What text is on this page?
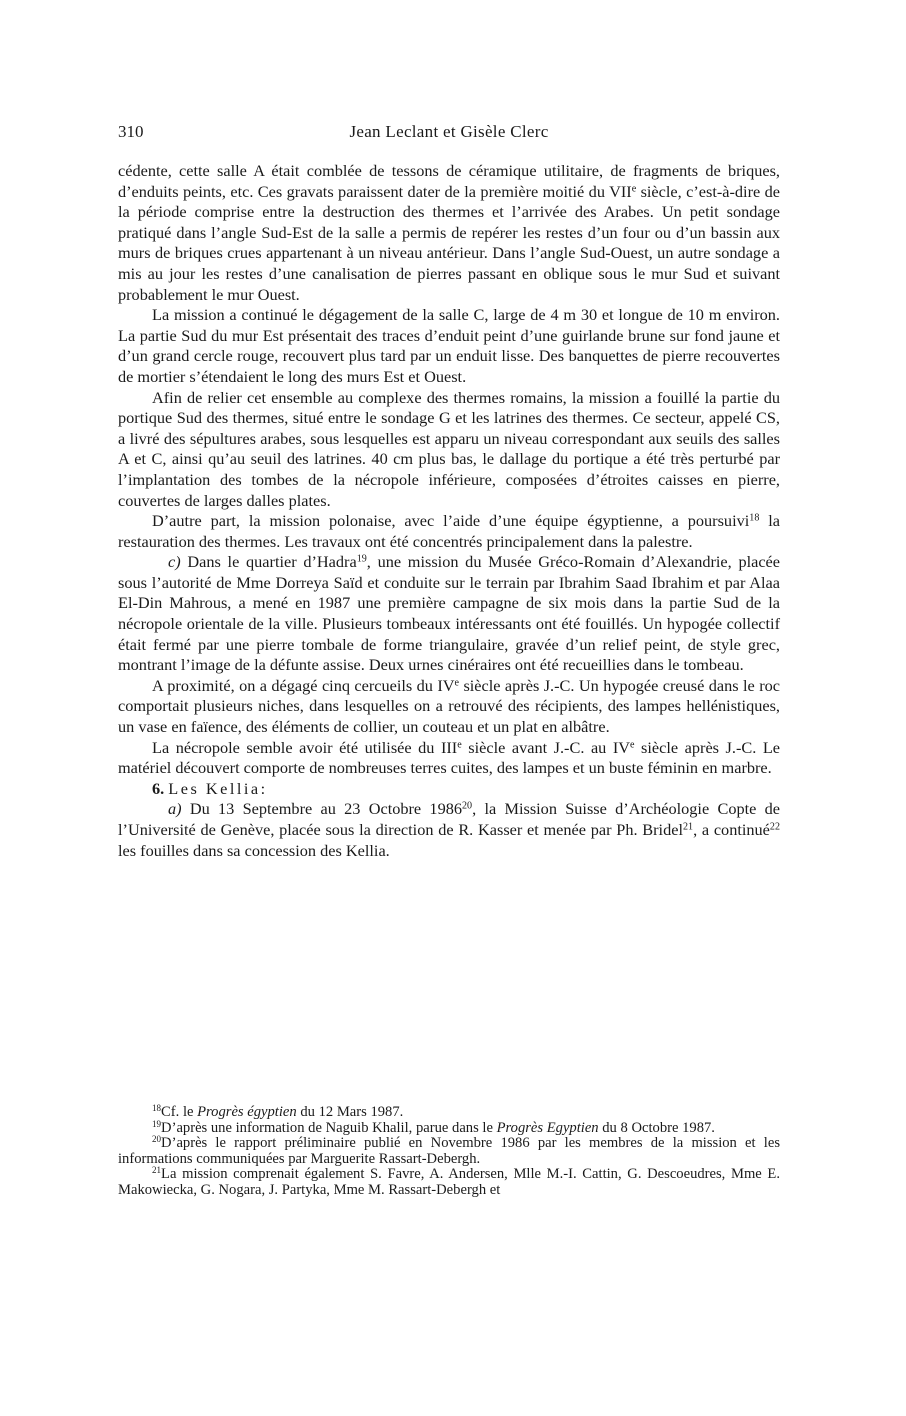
310	Jean Leclant et Gisèle Clerc

cédente, cette salle A était comblée de tessons de céramique utilitaire, de fragments de briques, d’enduits peints, etc. Ces gravats paraissent dater de la première moitié du VIIe siècle, c’est-à-dire de la période comprise entre la destruction des thermes et l’arrivée des Arabes. Un petit sondage pratiqué dans l’angle Sud-Est de la salle a permis de repérer les restes d’un four ou d’un bassin aux murs de briques crues appartenant à un niveau antérieur. Dans l’angle Sud-Ouest, un autre sondage a mis au jour les restes d’une canalisation de pierres passant en oblique sous le mur Sud et suivant probablement le mur Ouest.

La mission a continué le dégagement de la salle C, large de 4 m 30 et longue de 10 m environ. La partie Sud du mur Est présentait des traces d’enduit peint d’une guirlande brune sur fond jaune et d’un grand cercle rouge, recouvert plus tard par un enduit lisse. Des banquettes de pierre recouvertes de mortier s’étendaient le long des murs Est et Ouest.

Afin de relier cet ensemble au complexe des thermes romains, la mission a fouillé la partie du portique Sud des thermes, situé entre le sondage G et les latrines des thermes. Ce secteur, appelé CS, a livré des sépultures arabes, sous lesquelles est apparu un niveau correspondant aux seuils des salles A et C, ainsi qu’au seuil des latrines. 40 cm plus bas, le dallage du portique a été très perturbé par l’implantation des tombes de la nécropole inférieure, composées d’étroites caisses en pierre, couvertes de larges dalles plates.

D’autre part, la mission polonaise, avec l’aide d’une équipe égyptienne, a poursuivi$^{18}$ la restauration des thermes. Les travaux ont été concentrés principalement dans la palestre.

c) Dans le quartier d’Hadra$^{19}$, une mission du Musée Gréco-Romain d’Alexandrie, placée sous l’autorité de Mme Dorreya Saïd et conduite sur le terrain par Ibrahim Saad Ibrahim et par Alaa El-Din Mahrous, a mené en 1987 une première campagne de six mois dans la partie Sud de la nécropole orientale de la ville. Plusieurs tombeaux intéressants ont été fouillés. Un hypogée collectif était fermé par une pierre tombale de forme triangulaire, gravée d’un relief peint, de style grec, montrant l’image de la défunte assise. Deux urnes cinéraires ont été recueillies dans le tombeau.

A proximité, on a dégagé cinq cercueils du IVe siècle après J.-C. Un hypogée creusé dans le roc comportait plusieurs niches, dans lesquelles on a retrouvé des récipients, des lampes hellénistiques, un vase en faïence, des éléments de collier, un couteau et un plat en albâtre.

La nécropole semble avoir été utilisée du IIIe siècle avant J.-C. au IVe siècle après J.-C. Le matériel découvert comporte de nombreuses terres cuites, des lampes et un buste féminin en marbre.

6. Les Kellia:

a) Du 13 Septembre au 23 Octobre 1986$^{20}$, la Mission Suisse d’Archéologie Copte de l’Université de Genève, placée sous la direction de R. Kasser et menée par Ph. Bridel$^{21}$, a continué$^{22}$ les fouilles dans sa concession des Kellia.

$^{18}$Cf. le Progrès égyptien du 12 Mars 1987.

$^{19}$D’après une information de Naguib Khalil, parue dans le Progrès Egyptien du 8 Octobre 1987.

$^{20}$D’après le rapport préliminaire publié en Novembre 1986 par les membres de la mission et les informations communiquées par Marguerite Rassart-Debergh.

$^{21}$La mission comprenait également S. Favre, A. Andersen, Mlle M.-I. Cattin, G. Descoeudres, Mme E. Makowiecka, G. Nogara, J. Partyka, Mme M. Rassart-Debergh et
